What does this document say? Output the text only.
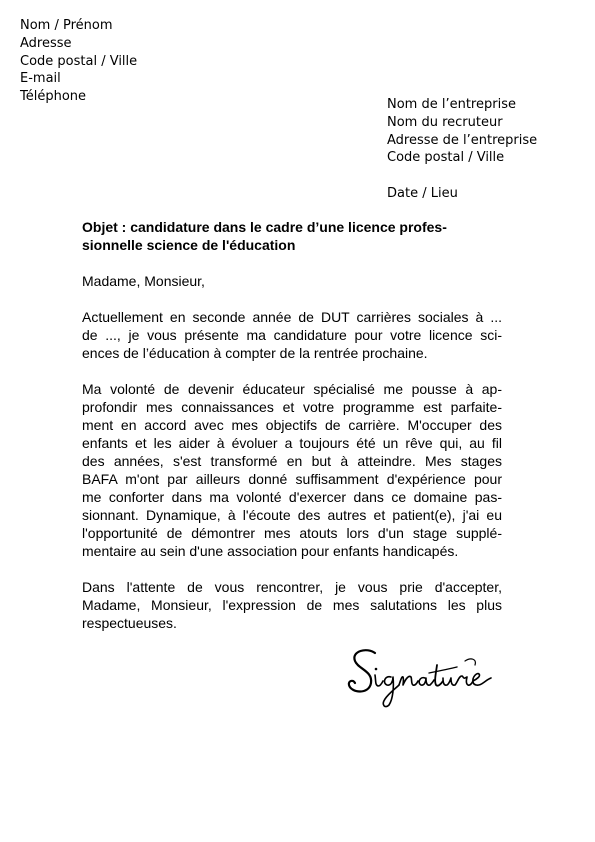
Nom / Prénom
Adresse
Code postal / Ville
E-mail
Téléphone
Nom de l’entreprise
Nom du recruteur
Adresse de l’entreprise
Code postal / Ville
Date / Lieu
Objet : candidature dans le cadre d’une licence profes-
sionnelle science de l'éducation
Madame, Monsieur,
Actuellement en seconde année de DUT carrières sociales à ...
de ..., je vous présente ma candidature pour votre licence sci-
ences de l’éducation à compter de la rentrée prochaine.
Ma volonté de devenir éducateur spécialisé me pousse à ap-
profondir mes connaissances et votre programme est parfaite-
ment en accord avec mes objectifs de carrière. M'occuper des
enfants et les aider à évoluer a toujours été un rêve qui, au fil
des années, s'est transformé en but à atteindre. Mes stages
BAFA m'ont par ailleurs donné suffisamment d'expérience pour
me conforter dans ma volonté d'exercer dans ce domaine pas-
sionnant. Dynamique, à l'écoute des autres et patient(e), j'ai eu
l'opportunité de démontrer mes atouts lors d'un stage supplé-
mentaire au sein d'une association pour enfants handicapés.
Dans l'attente de vous rencontrer, je vous prie d'accepter,
Madame, Monsieur, l'expression de mes salutations les plus
respectueuses.
